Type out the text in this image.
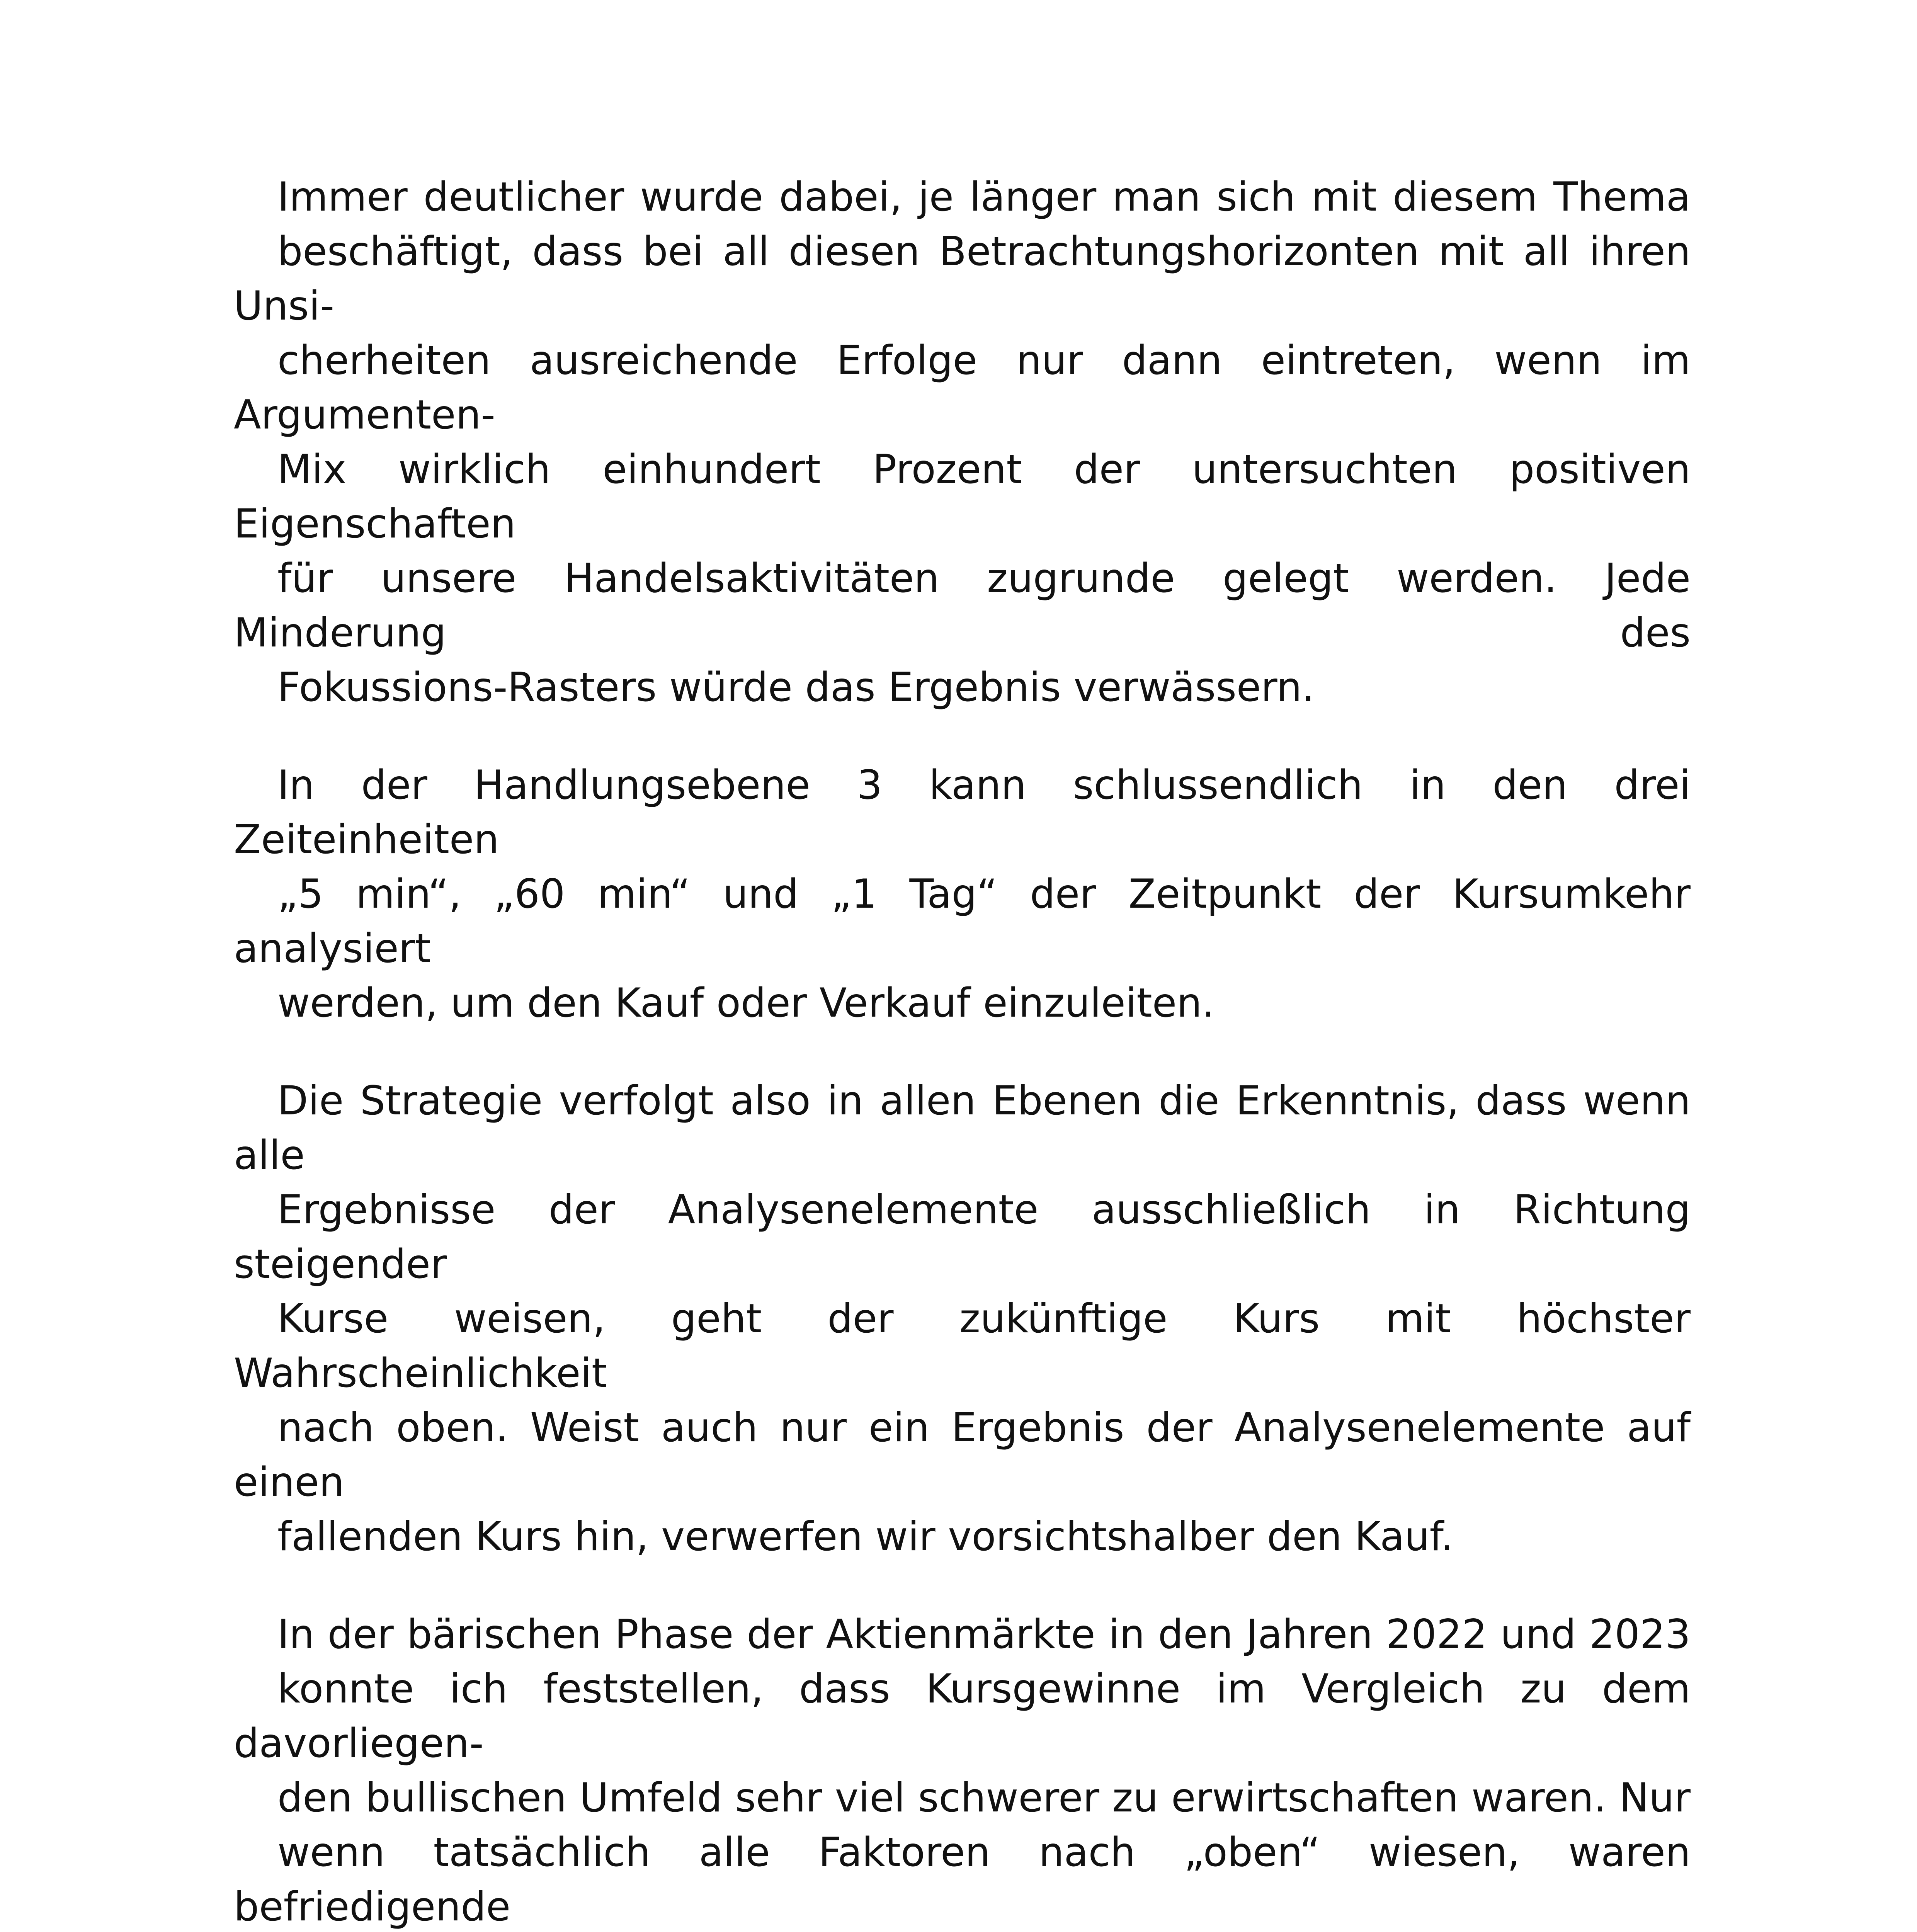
Immer deutlicher wurde dabei, je länger man sich mit diesem Thema
beschäftigt, dass bei all diesen Betrachtungshorizonten mit all ihren Unsi-
cherheiten ausreichende Erfolge nur dann eintreten, wenn im Argumenten-
Mix wirklich einhundert Prozent der untersuchten positiven Eigenschaften
für unsere Handelsaktivitäten zugrunde gelegt werden. Jede Minderung des
Fokussions-Rasters würde das Ergebnis verwässern.

In der Handlungsebene 3 kann schlussendlich in den drei Zeiteinheiten
„5 min“, „60 min“ und „1 Tag“ der Zeitpunkt der Kursumkehr analysiert
werden, um den Kauf oder Verkauf einzuleiten.

Die Strategie verfolgt also in allen Ebenen die Erkenntnis, dass wenn alle
Ergebnisse der Analysenelemente ausschließlich in Richtung steigender
Kurse weisen, geht der zukünftige Kurs mit höchster Wahrscheinlichkeit
nach oben. Weist auch nur ein Ergebnis der Analysenelemente auf einen
fallenden Kurs hin, verwerfen wir vorsichtshalber den Kauf.

In der bärischen Phase der Aktienmärkte in den Jahren 2022 und 2023
konnte ich feststellen, dass Kursgewinne im Vergleich zu dem davorliegen-
den bullischen Umfeld sehr viel schwerer zu erwirtschaften waren. Nur
wenn tatsächlich alle Faktoren nach „oben“ wiesen, waren befriedigende
